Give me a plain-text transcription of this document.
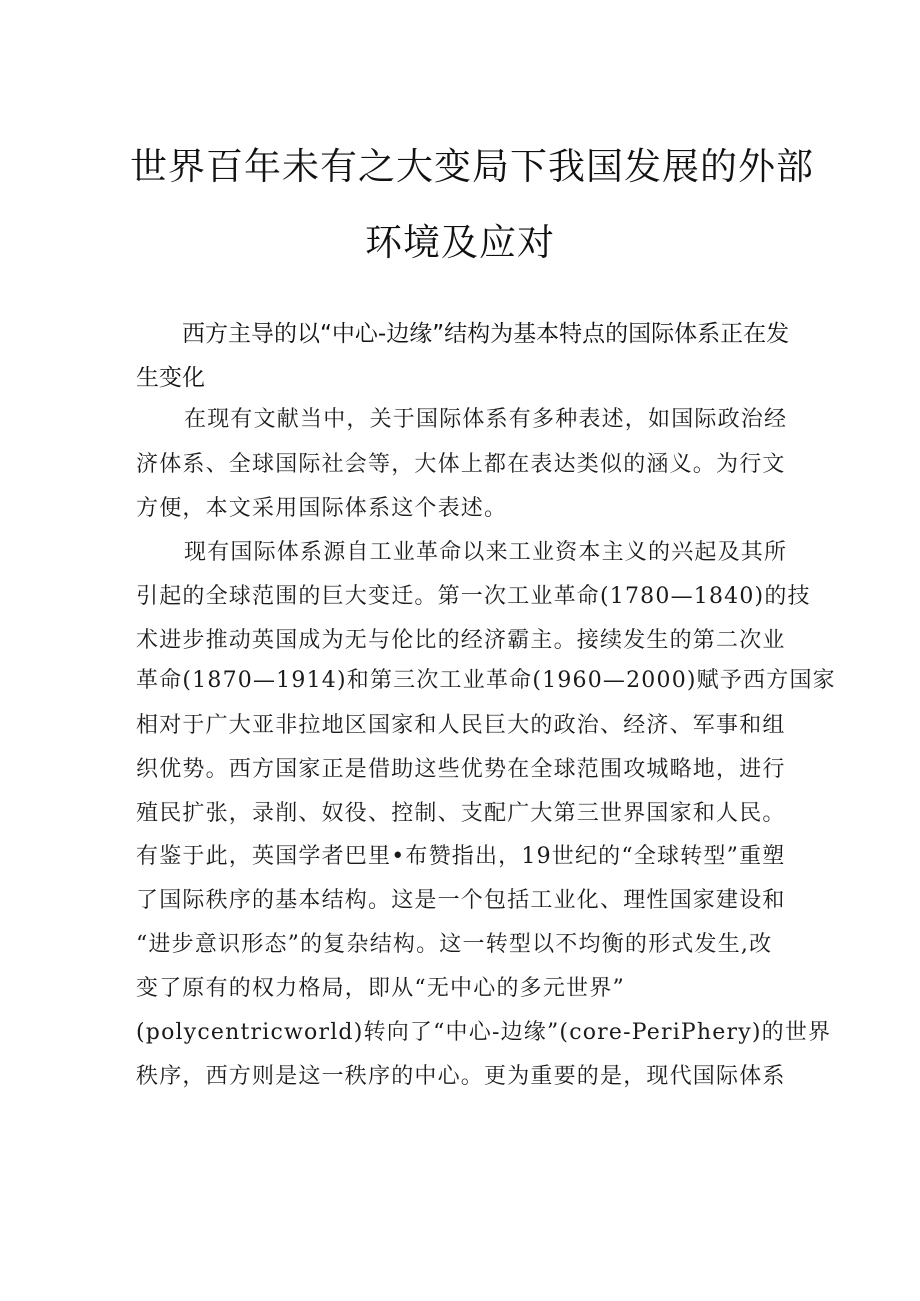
世界百年未有之大变局下我国发展的外部
环境及应对
西方主导的以“中心-边缘”结构为基本特点的国际体系正在发生变化
在现有文献当中，关于国际体系有多种表述，如国际政治经
济体系、全球国际社会等，大体上都在表达类似的涵义。为行文
方便，本文采用国际体系这个表述。
现有国际体系源自工业革命以来工业资本主义的兴起及其所
引起的全球范围的巨大变迁。第一次工业革命(1780—1840)的技
术进步推动英国成为无与伦比的经济霸主。接续发生的第二次业
革命(1870—1914)和第三次工业革命(1960—2000)赋予西方国家
相对于广大亚非拉地区国家和人民巨大的政治、经济、军事和组
织优势。西方国家正是借助这些优势在全球范围攻城略地，进行
殖民扩张，录削、奴役、控制、支配广大第三世界国家和人民。
有鉴于此，英国学者巴里•布赞指出，19世纪的“全球转型”重塑
了国际秩序的基本结构。这是一个包括工业化、理性国家建设和
“进步意识形态”的复杂结构。这一转型以不均衡的形式发生,改
变了原有的权力格局，即从“无中心的多元世界”
(polycentricworld)转向了“中心-边缘”(core-PeriPhery)的世界
秩序，西方则是这一秩序的中心。更为重要的是，现代国际体系
